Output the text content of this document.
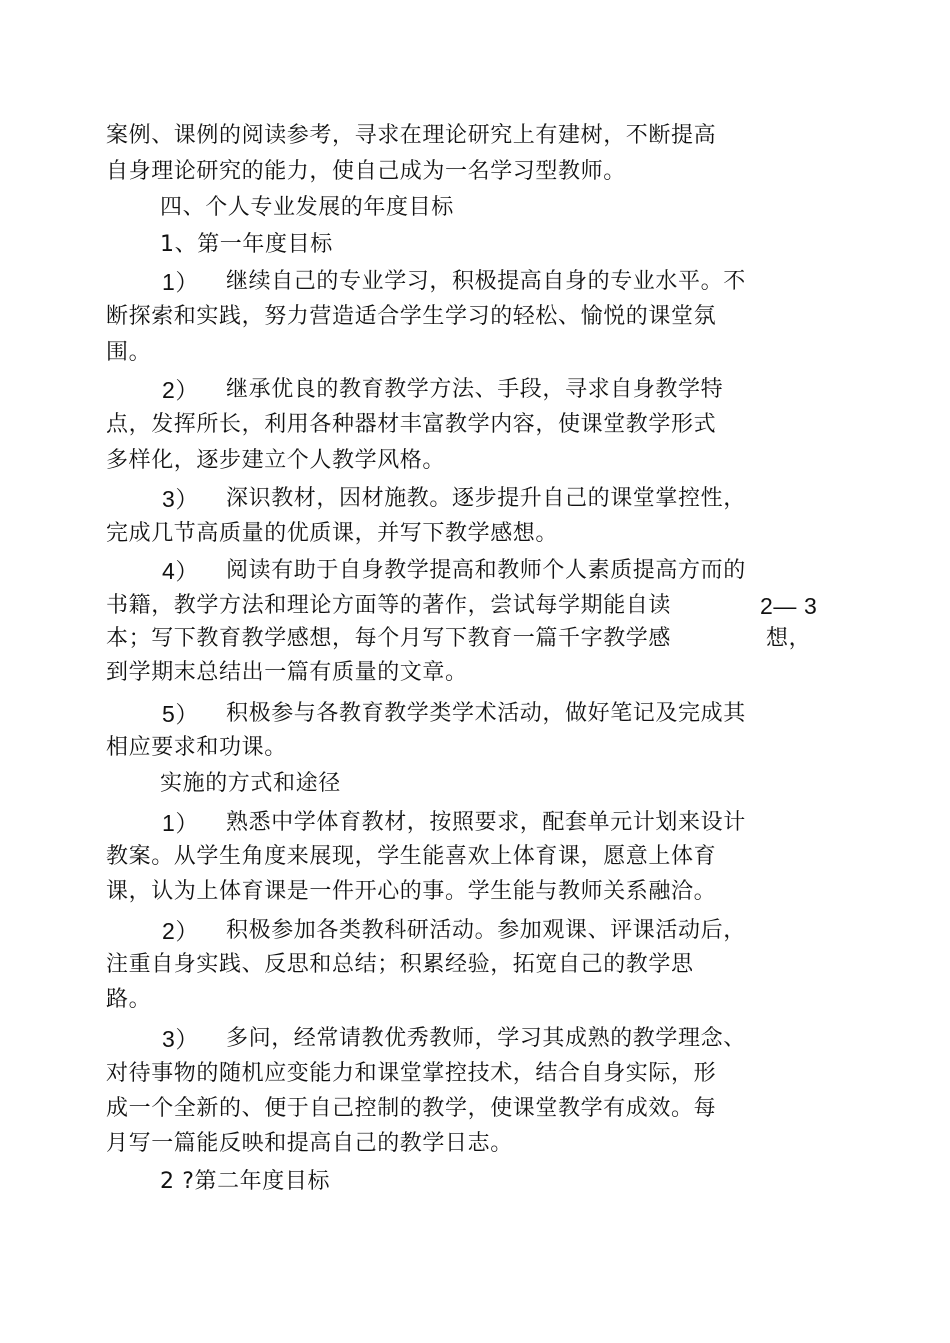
案例、课例的阅读参考，寻求在理论研究上有建树，不断提高
自身理论研究的能力，使自己成为一名学习型教师。
四、个人专业发展的年度目标
1、第一年度目标
1） 继续自己的专业学习，积极提高自身的专业水平。不
断探索和实践，努力营造适合学生学习的轻松、愉悦的课堂氛
围。
2） 继承优良的教育教学方法、手段，寻求自身教学特
点，发挥所长，利用各种器材丰富教学内容，使课堂教学形式
多样化，逐步建立个人教学风格。
3） 深识教材，因材施教。逐步提升自己的课堂掌控性，
完成几节高质量的优质课，并写下教学感想。
4） 阅读有助于自身教学提高和教师个人素质提高方而的
书籍，教学方法和理论方面等的著作，尝试每学期能自读	2— 3
本；写下教育教学感想，每个月写下教育一篇千字教学感	想，
到学期末总结出一篇有质量的文章。
5） 积极参与各教育教学类学术活动，做好笔记及完成其
相应要求和功课。
实施的方式和途径
1） 熟悉中学体育教材，按照要求，配套单元计划来设计
教案。从学生角度来展现，学生能喜欢上体育课，愿意上体育
课，认为上体育课是一件开心的事。学生能与教师关系融洽。
2） 积极参加各类教科研活动。参加观课、评课活动后，
注重自身实践、反思和总结；积累经验，拓宽自己的教学思
路。
3） 多问，经常请教优秀教师，学习其成熟的教学理念、
对待事物的随机应变能力和课堂掌控技术，结合自身实际，形
成一个全新的、便于自己控制的教学，使课堂教学有成效。每
月写一篇能反映和提高自己的教学日志。
2 ?第二年度目标
